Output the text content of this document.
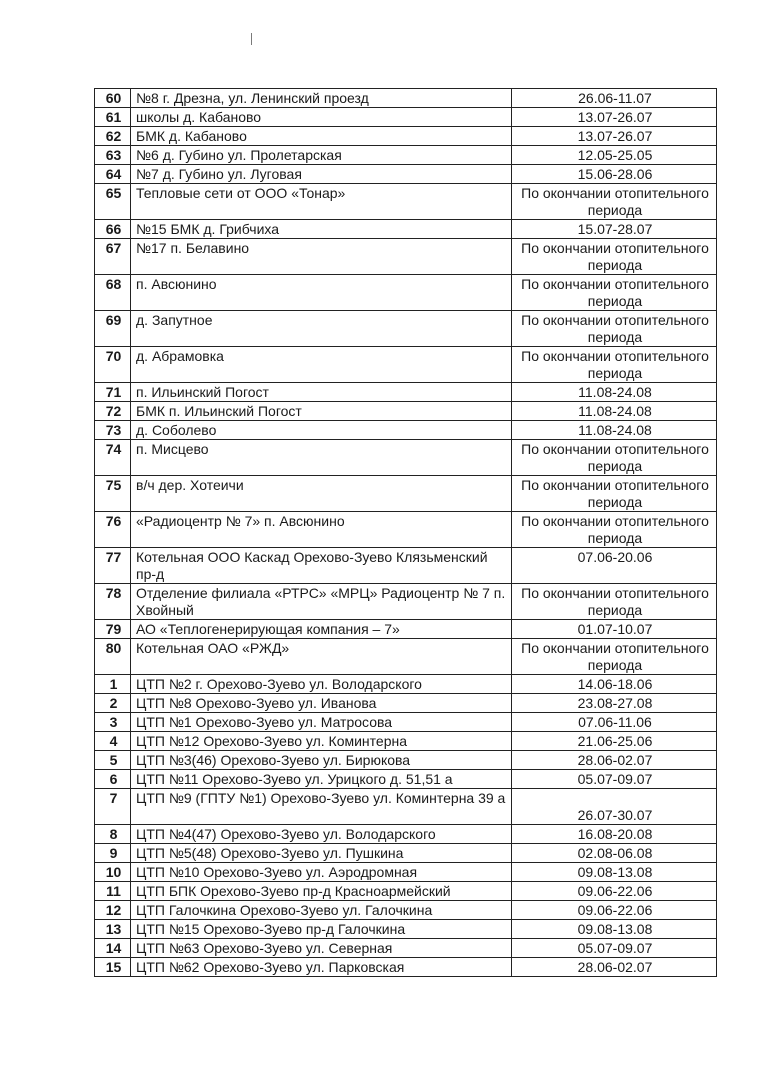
60	№8 г. Дрезна, ул. Ленинский проезд	26.06-11.07
61	школы д. Кабаново	13.07-26.07
62	БМК д. Кабаново	13.07-26.07
63	№6 д. Губино ул. Пролетарская	12.05-25.05
64	№7 д. Губино ул. Луговая	15.06-28.06
65	Тепловые сети от ООО «Тонар»	По окончании отопительного периода
66	№15 БМК д. Грибчиха	15.07-28.07
67	№17 п. Белавино	По окончании отопительного периода
68	п. Авсюнино	По окончании отопительного периода
69	д. Запутное	По окончании отопительного периода
70	д. Абрамовка	По окончании отопительного периода
71	п. Ильинский Погост	11.08-24.08
72	БМК п. Ильинский Погост	11.08-24.08
73	д. Соболево	11.08-24.08
74	п. Мисцево	По окончании отопительного периода
75	в/ч дер. Хотеичи	По окончании отопительного периода
76	«Радиоцентр № 7» п. Авсюнино	По окончании отопительного периода
77	Котельная ООО Каскад Орехово-Зуево Клязьменский пр-д	07.06-20.06
78	Отделение филиала «РТРС» «МРЦ» Радиоцентр № 7 п. Хвойный	По окончании отопительного периода
79	АО «Теплогенерирующая компания – 7»	01.07-10.07
80	Котельная ОАО «РЖД»	По окончании отопительного периода
1	ЦТП №2 г. Орехово-Зуево ул. Володарского	14.06-18.06
2	ЦТП №8 Орехово-Зуево ул. Иванова	23.08-27.08
3	ЦТП №1 Орехово-Зуево ул. Матросова	07.06-11.06
4	ЦТП №12 Орехово-Зуево ул. Коминтерна	21.06-25.06
5	ЦТП №3(46) Орехово-Зуево ул. Бирюкова	28.06-02.07
6	ЦТП №11 Орехово-Зуево ул. Урицкого д. 51,51 а	05.07-09.07
7	ЦТП №9 (ГПТУ №1) Орехово-Зуево ул. Коминтерна 39 а	26.07-30.07
8	ЦТП №4(47) Орехово-Зуево ул. Володарского	16.08-20.08
9	ЦТП №5(48) Орехово-Зуево ул. Пушкина	02.08-06.08
10	ЦТП №10 Орехово-Зуево ул. Аэродромная	09.08-13.08
11	ЦТП БПК Орехово-Зуево пр-д Красноармейский	09.06-22.06
12	ЦТП Галочкина Орехово-Зуево ул. Галочкина	09.06-22.06
13	ЦТП №15 Орехово-Зуево пр-д Галочкина	09.08-13.08
14	ЦТП №63 Орехово-Зуево ул. Северная	05.07-09.07
15	ЦТП №62 Орехово-Зуево ул. Парковская	28.06-02.07
